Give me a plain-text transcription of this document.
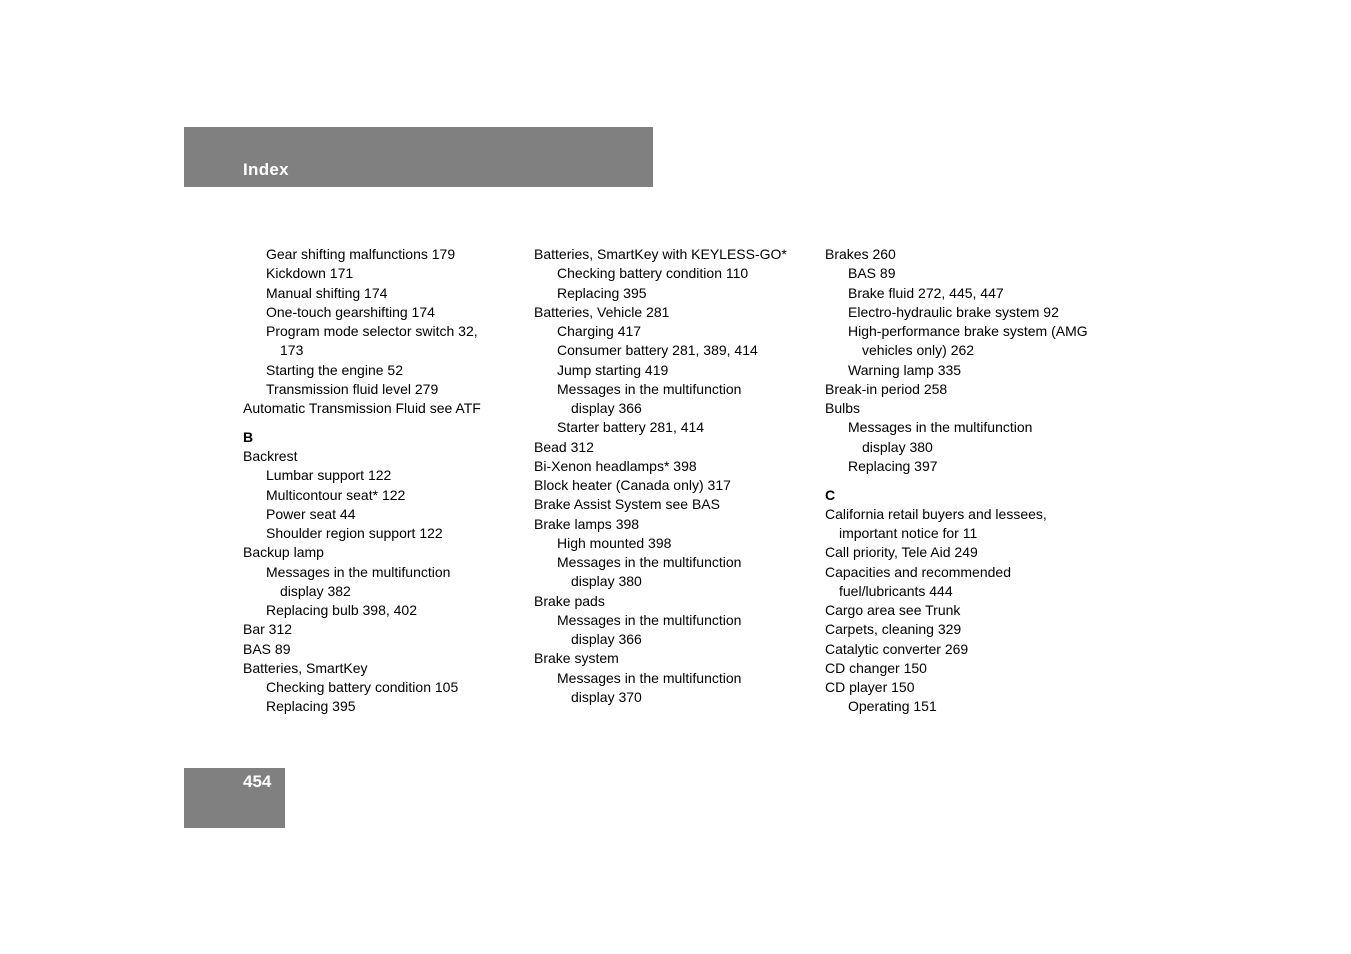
Index
Gear shifting malfunctions 179
Kickdown 171
Manual shifting 174
One-touch gearshifting 174
Program mode selector switch 32,
173
Starting the engine 52
Transmission fluid level 279
Automatic Transmission Fluid see ATF
B
Backrest
Lumbar support 122
Multicontour seat* 122
Power seat 44
Shoulder region support 122
Backup lamp
Messages in the multifunction
display 382
Replacing bulb 398, 402
Bar 312
BAS 89
Batteries, SmartKey
Checking battery condition 105
Replacing 395
Batteries, SmartKey with KEYLESS-GO*
Checking battery condition 110
Replacing 395
Batteries, Vehicle 281
Charging 417
Consumer battery 281, 389, 414
Jump starting 419
Messages in the multifunction
display 366
Starter battery 281, 414
Bead 312
Bi-Xenon headlamps* 398
Block heater (Canada only) 317
Brake Assist System see BAS
Brake lamps 398
High mounted 398
Messages in the multifunction
display 380
Brake pads
Messages in the multifunction
display 366
Brake system
Messages in the multifunction
display 370
Brakes 260
BAS 89
Brake fluid 272, 445, 447
Electro-hydraulic brake system 92
High-performance brake system (AMG
vehicles only) 262
Warning lamp 335
Break-in period 258
Bulbs
Messages in the multifunction
display 380
Replacing 397
C
California retail buyers and lessees,
important notice for 11
Call priority, Tele Aid 249
Capacities and recommended
fuel/lubricants 444
Cargo area see Trunk
Carpets, cleaning 329
Catalytic converter 269
CD changer 150
CD player 150
Operating 151
454
